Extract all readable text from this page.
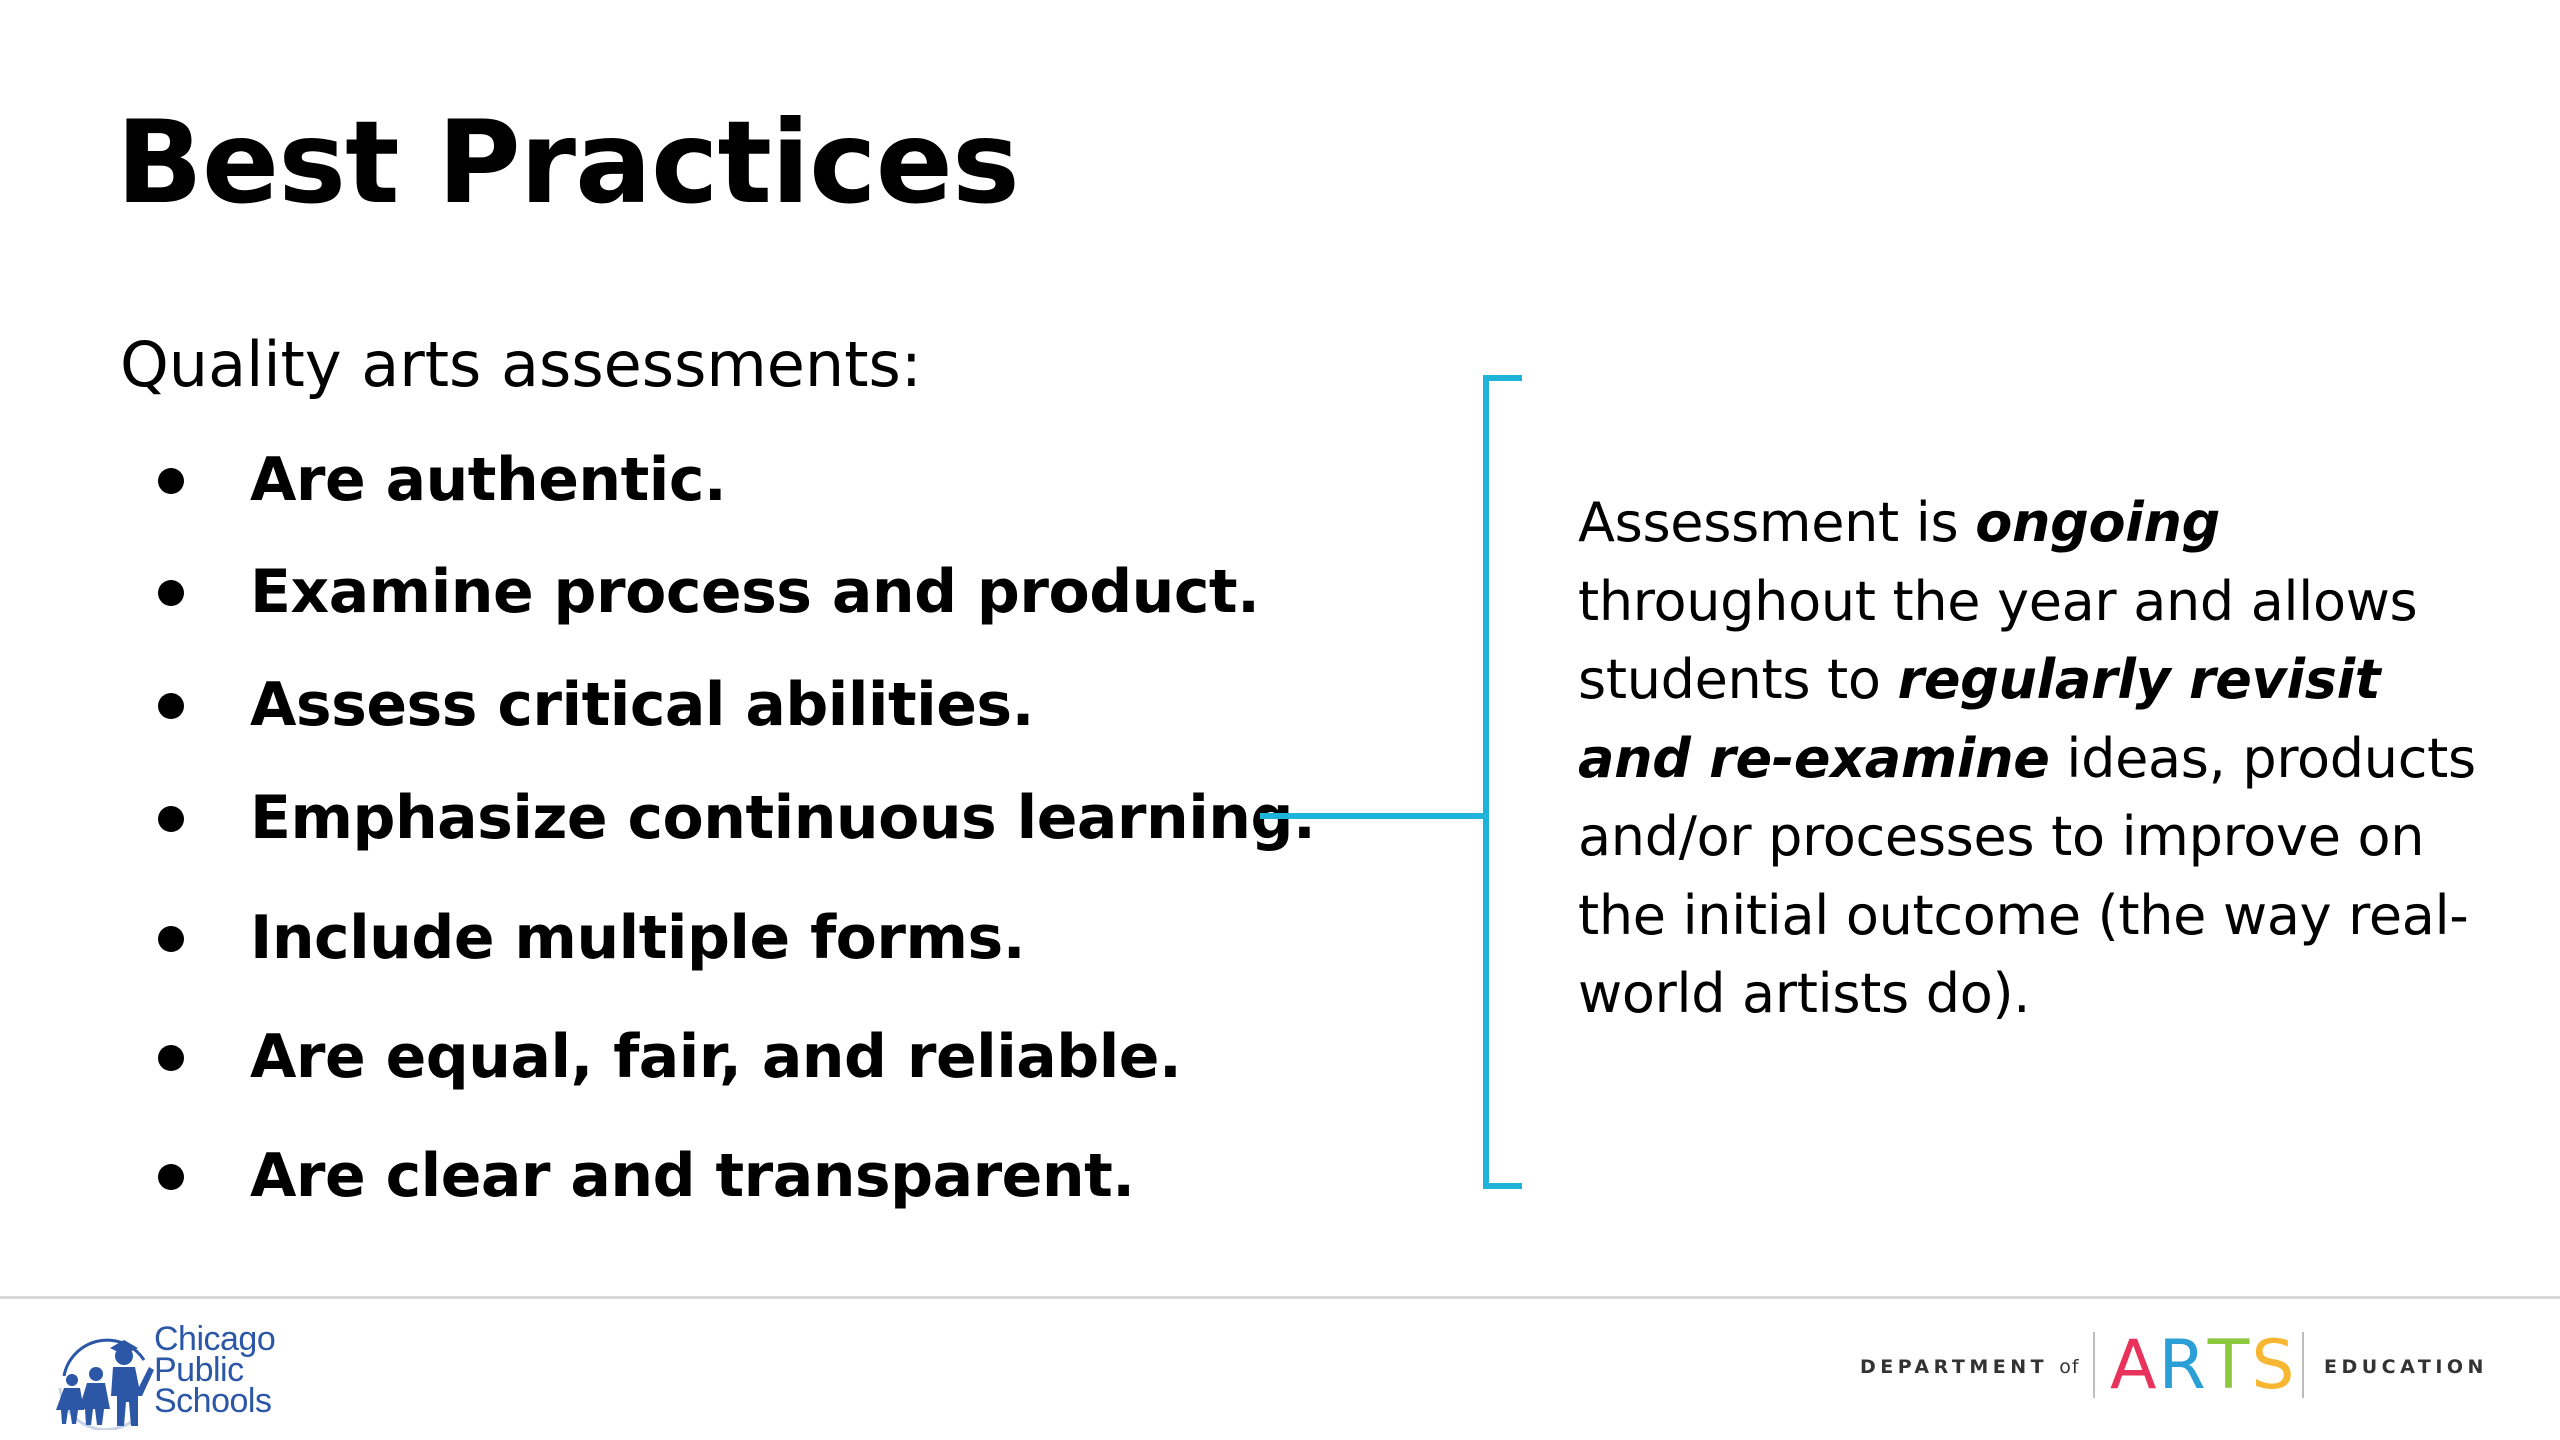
Best Practices
Quality arts assessments:
Are authentic.
Examine process and product.
Assess critical abilities.
Emphasize continuous learning.
Include multiple forms.
Are equal, fair, and reliable.
Are clear and transparent.

Assessment is ongoing throughout the year and allows students to regularly revisit and re-examine ideas, products and/or processes to improve on the initial outcome (the way real-world artists do).

Chicago
Public
Schools
DEPARTMENT of ARTS EDUCATION
